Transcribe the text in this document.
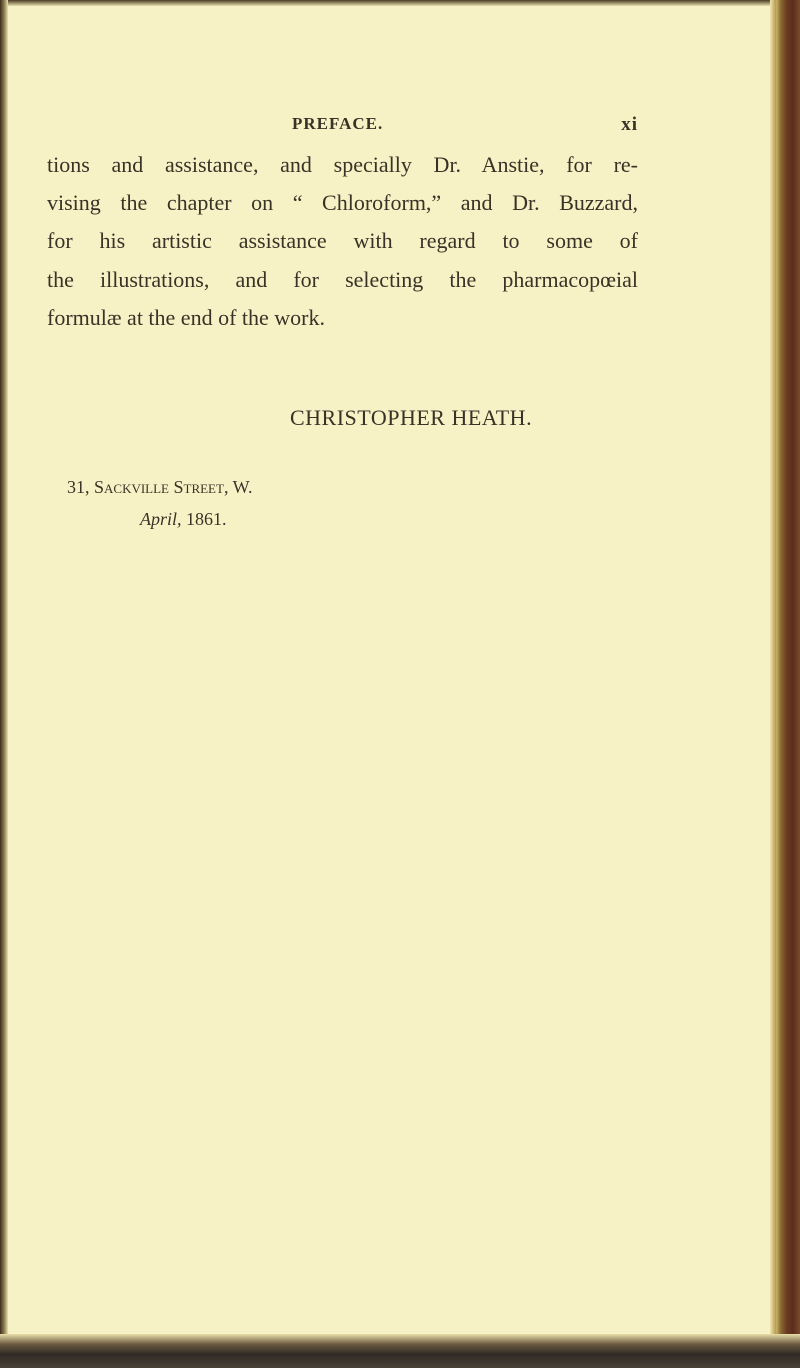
PREFACE.	xi
tions and assistance, and specially Dr. Anstie, for re-
vising the chapter on “ Chloroform,” and Dr. Buzzard,
for his artistic assistance with regard to some of
the illustrations, and for selecting the pharmacopœial
formulæ at the end of the work.
CHRISTOPHER HEATH.
31, Sackville Street, W.
April, 1861.
